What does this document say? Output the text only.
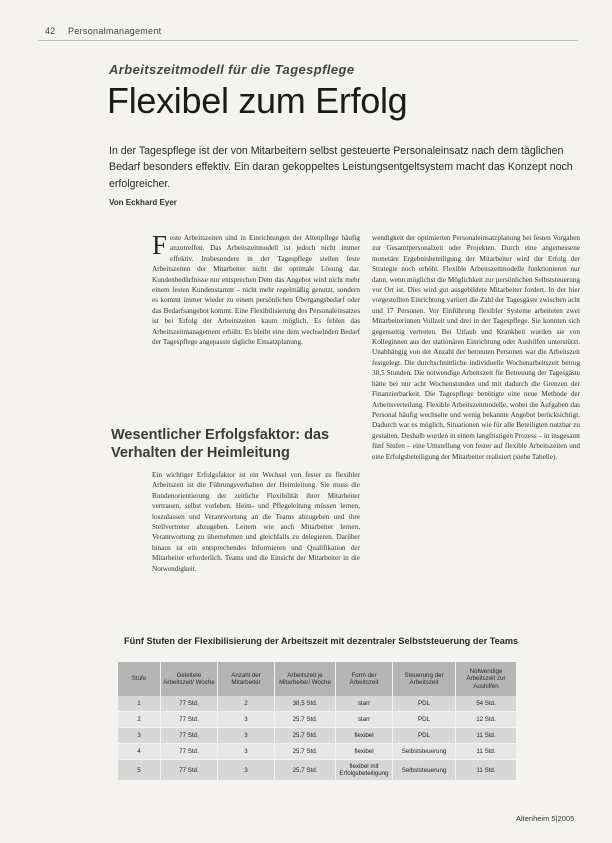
42 Personalmanagement
Arbeitszeitmodell für die Tagespflege
Flexibel zum Erfolg
In der Tagespflege ist der von Mitarbeitern selbst gesteuerte Personaleinsatz nach dem täglichen Bedarf besonders effektiv. Ein daran gekoppeltes Leistungsentgeltsystem macht das Konzept noch erfolgreicher.
Von Eckhard Eyer
F este Arbeitszeiten sind in Einrichtungen der Altenpflege häufig anzutreffen. Das Arbeitszeitmodell ist jedoch nicht immer effektiv. Insbesondere in der Tagespflege stellen feste Arbeitszeiten der Mitarbeiter nicht die optimale Lösung dar. Kundenbedürfnisse nur entsprechen Dem das Angebot wird nicht mehr einem festen Kundenstamm – nicht mehr regelmäßig genutzt, sondern es kommt immer wieder zu einem persönlichen Übergangsbedarf oder das Bedarfsangebot kommt. Eine Flexibilisierung des Personaleinsatzes ist bei Erfolg der Arbeitszeiten kaum möglich. Es fehlen das Arbeitszeitmanagement erhöht. Es bleibt eine dem wechselnden Bedarf der Tagespflege angepasste tägliche Einsatzplanung.
Wesentlicher Erfolgsfaktor: das Verhalten der Heimleitung
Ein wichtiger Erfolgsfaktor ist ein Wechsel von fester zu flexibler Arbeitszeit ist die Führungsverhalten der Heimleitung. Sie muss die Rundenorientierung der zeitliche Flexibilität ihrer Mitarbeiter vertrauen, selbst vorleben. Heim- und Pflegeleitung müssen lernen, loszulassen und Verantwortung an die Teams abzugeben und ihre Stellvertreter abzugeben. Leitern wie auch Mitarbeiter lernen, Verantwortung zu übernehmen und gleichfalls zu delegieren. Darüber hinaus ist ein entsprechendes Informieren und Qualifikation der Mitarbeiter erforderlich. Teams und die Einsicht der Mitarbeiter in die Notwendigkeit.
wendigkeit der optimierten Personaleinsatzplanung bei festen Vorgaben zur Gesamtpersonalzeit oder Projekten. Durch eine angemessene monetäre Ergebnisbeteiligung der Mitarbeiter wird der Erfolg der Strategie noch erhöht. Flexible Arbeitszeitmodelle funktionieren nur dann, wenn möglichst die Möglichkeit zur persönlichen Selbststeuerung vor Ort ist. Dies wird gut ausgebildete Mitarbeiter fordert. In der hier vorgestellten Einrichtung variiert die Zahl der Tagesgäste zwischen acht und 17 Personen. Vor Einführung flexibler Systeme arbeiteten zwei Mitarbeiterinnen Vollzeit und drei in der Tagespflege. Sie konnten sich gegenseitig vertreten. Bei Urlaub und Krankheit wurden sie von Kolleginnen aus der stationären Einrichtung oder Aushilfen unterstützt. Unabhängig von der Anzahl der betreuten Personen war die Arbeitszeit festgelegt. Die durchschnittliche individuelle Wochenarbeitszeit betrug 38,5 Stunden. Die notwendige Arbeitszeit für Betreuung der Tagesgäste hätte bei nur acht Wochenstunden und mit dadurch die Grenzen der Finanzierbarkeit. Die Tagespflege benötigte eine neue Methode der Arbeitsverteilung. Flexible Arbeitszeitmodelle, wobei die Aufgaben das Personal häufig wechselte und wenig bekannte Angebot berücksichtigt. Dadurch war es möglich, Situationen wie für alle Beteiligten nutzbar zu gestalten. Deshalb wurden in einem langfristigen Prozess – in insgesamt fünf Stufen – eine Umstellung von fester auf flexible Arbeitszeiten und eine Erfolgsbeteiligung der Mitarbeiter realisiert (siehe Tabelle).
Fünf Stufen der Flexibilisierung der Arbeitszeit mit dezentraler Selbststeuerung der Teams
Stufe	Geleitete Arbeitszeit/ Woche	Anzahl der Mitarbeiter	Arbeitszeit je Mitarbeiter/ Woche	Form der Arbeitszeit	Steuerung der Arbeitszeit	Notwendige Arbeitszeit zur Aushilfen
1	77 Std.	2	38,5 Std.	starr	PDL	54 Std.
2	77 Std.	3	25,7 Std.	starr	PDL	12 Std.
3	77 Std.	3	25,7 Std.	flexibel	PDL	11 Std.
4	77 Std.	3	25,7 Std.	flexibel	Selbststeuerung	11 Std.
5	77 Std.	3	25,7 Std.	flexibel mit Erfolgsbeteiligung	Selbststeuerung	11 Std.
Altenheim 5|2005
